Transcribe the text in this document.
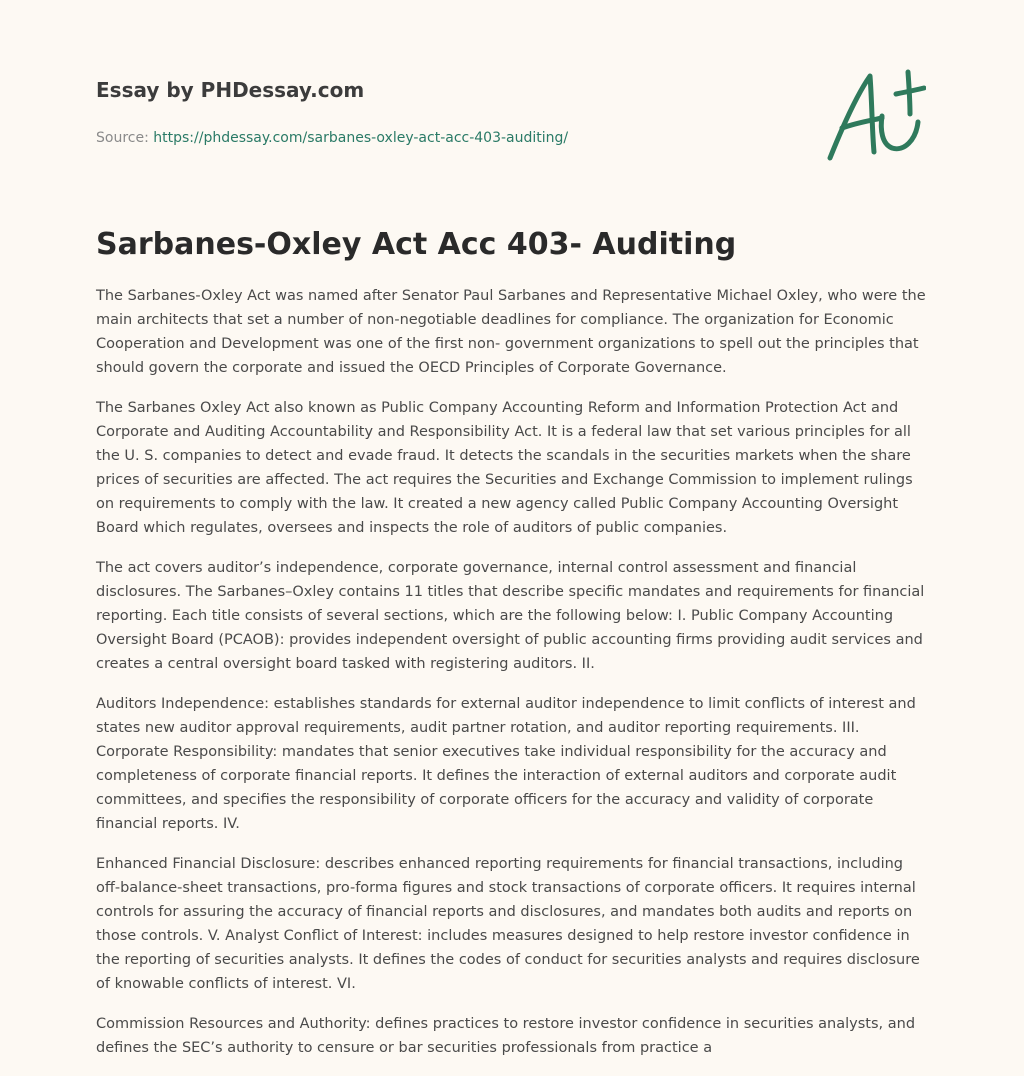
Essay by PHDessay.com
Source: https://phdessay.com/sarbanes-oxley-act-acc-403-auditing/
Sarbanes-Oxley Act Acc 403- Auditing

The Sarbanes-Oxley Act was named after Senator Paul Sarbanes and Representative Michael Oxley, who were the main architects that set a number of non-negotiable deadlines for compliance. The organization for Economic Cooperation and Development was one of the first non- government organizations to spell out the principles that should govern the corporate and issued the OECD Principles of Corporate Governance.

The Sarbanes Oxley Act also known as Public Company Accounting Reform and Information Protection Act and Corporate and Auditing Accountability and Responsibility Act. It is a federal law that set various principles for all the U. S. companies to detect and evade fraud. It detects the scandals in the securities markets when the share prices of securities are affected. The act requires the Securities and Exchange Commission to implement rulings on requirements to comply with the law. It created a new agency called Public Company Accounting Oversight Board which regulates, oversees and inspects the role of auditors of public companies.

The act covers auditor’s independence, corporate governance, internal control assessment and financial disclosures. The Sarbanes–Oxley contains 11 titles that describe specific mandates and requirements for financial reporting. Each title consists of several sections, which are the following below: I. Public Company Accounting Oversight Board (PCAOB): provides independent oversight of public accounting firms providing audit services and creates a central oversight board tasked with registering auditors. II.

Auditors Independence: establishes standards for external auditor independence to limit conflicts of interest and states new auditor approval requirements, audit partner rotation, and auditor reporting requirements. III. Corporate Responsibility: mandates that senior executives take individual responsibility for the accuracy and completeness of corporate financial reports. It defines the interaction of external auditors and corporate audit committees, and specifies the responsibility of corporate officers for the accuracy and validity of corporate financial reports. IV.

Enhanced Financial Disclosure: describes enhanced reporting requirements for financial transactions, including off-balance-sheet transactions, pro-forma figures and stock transactions of corporate officers. It requires internal controls for assuring the accuracy of financial reports and disclosures, and mandates both audits and reports on those controls. V. Analyst Conflict of Interest: includes measures designed to help restore investor confidence in the reporting of securities analysts. It defines the codes of conduct for securities analysts and requires disclosure of knowable conflicts of interest. VI.

Commission Resources and Authority: defines practices to restore investor confidence in securities analysts, and defines the SEC’s authority to censure or bar securities professionals from practice a
